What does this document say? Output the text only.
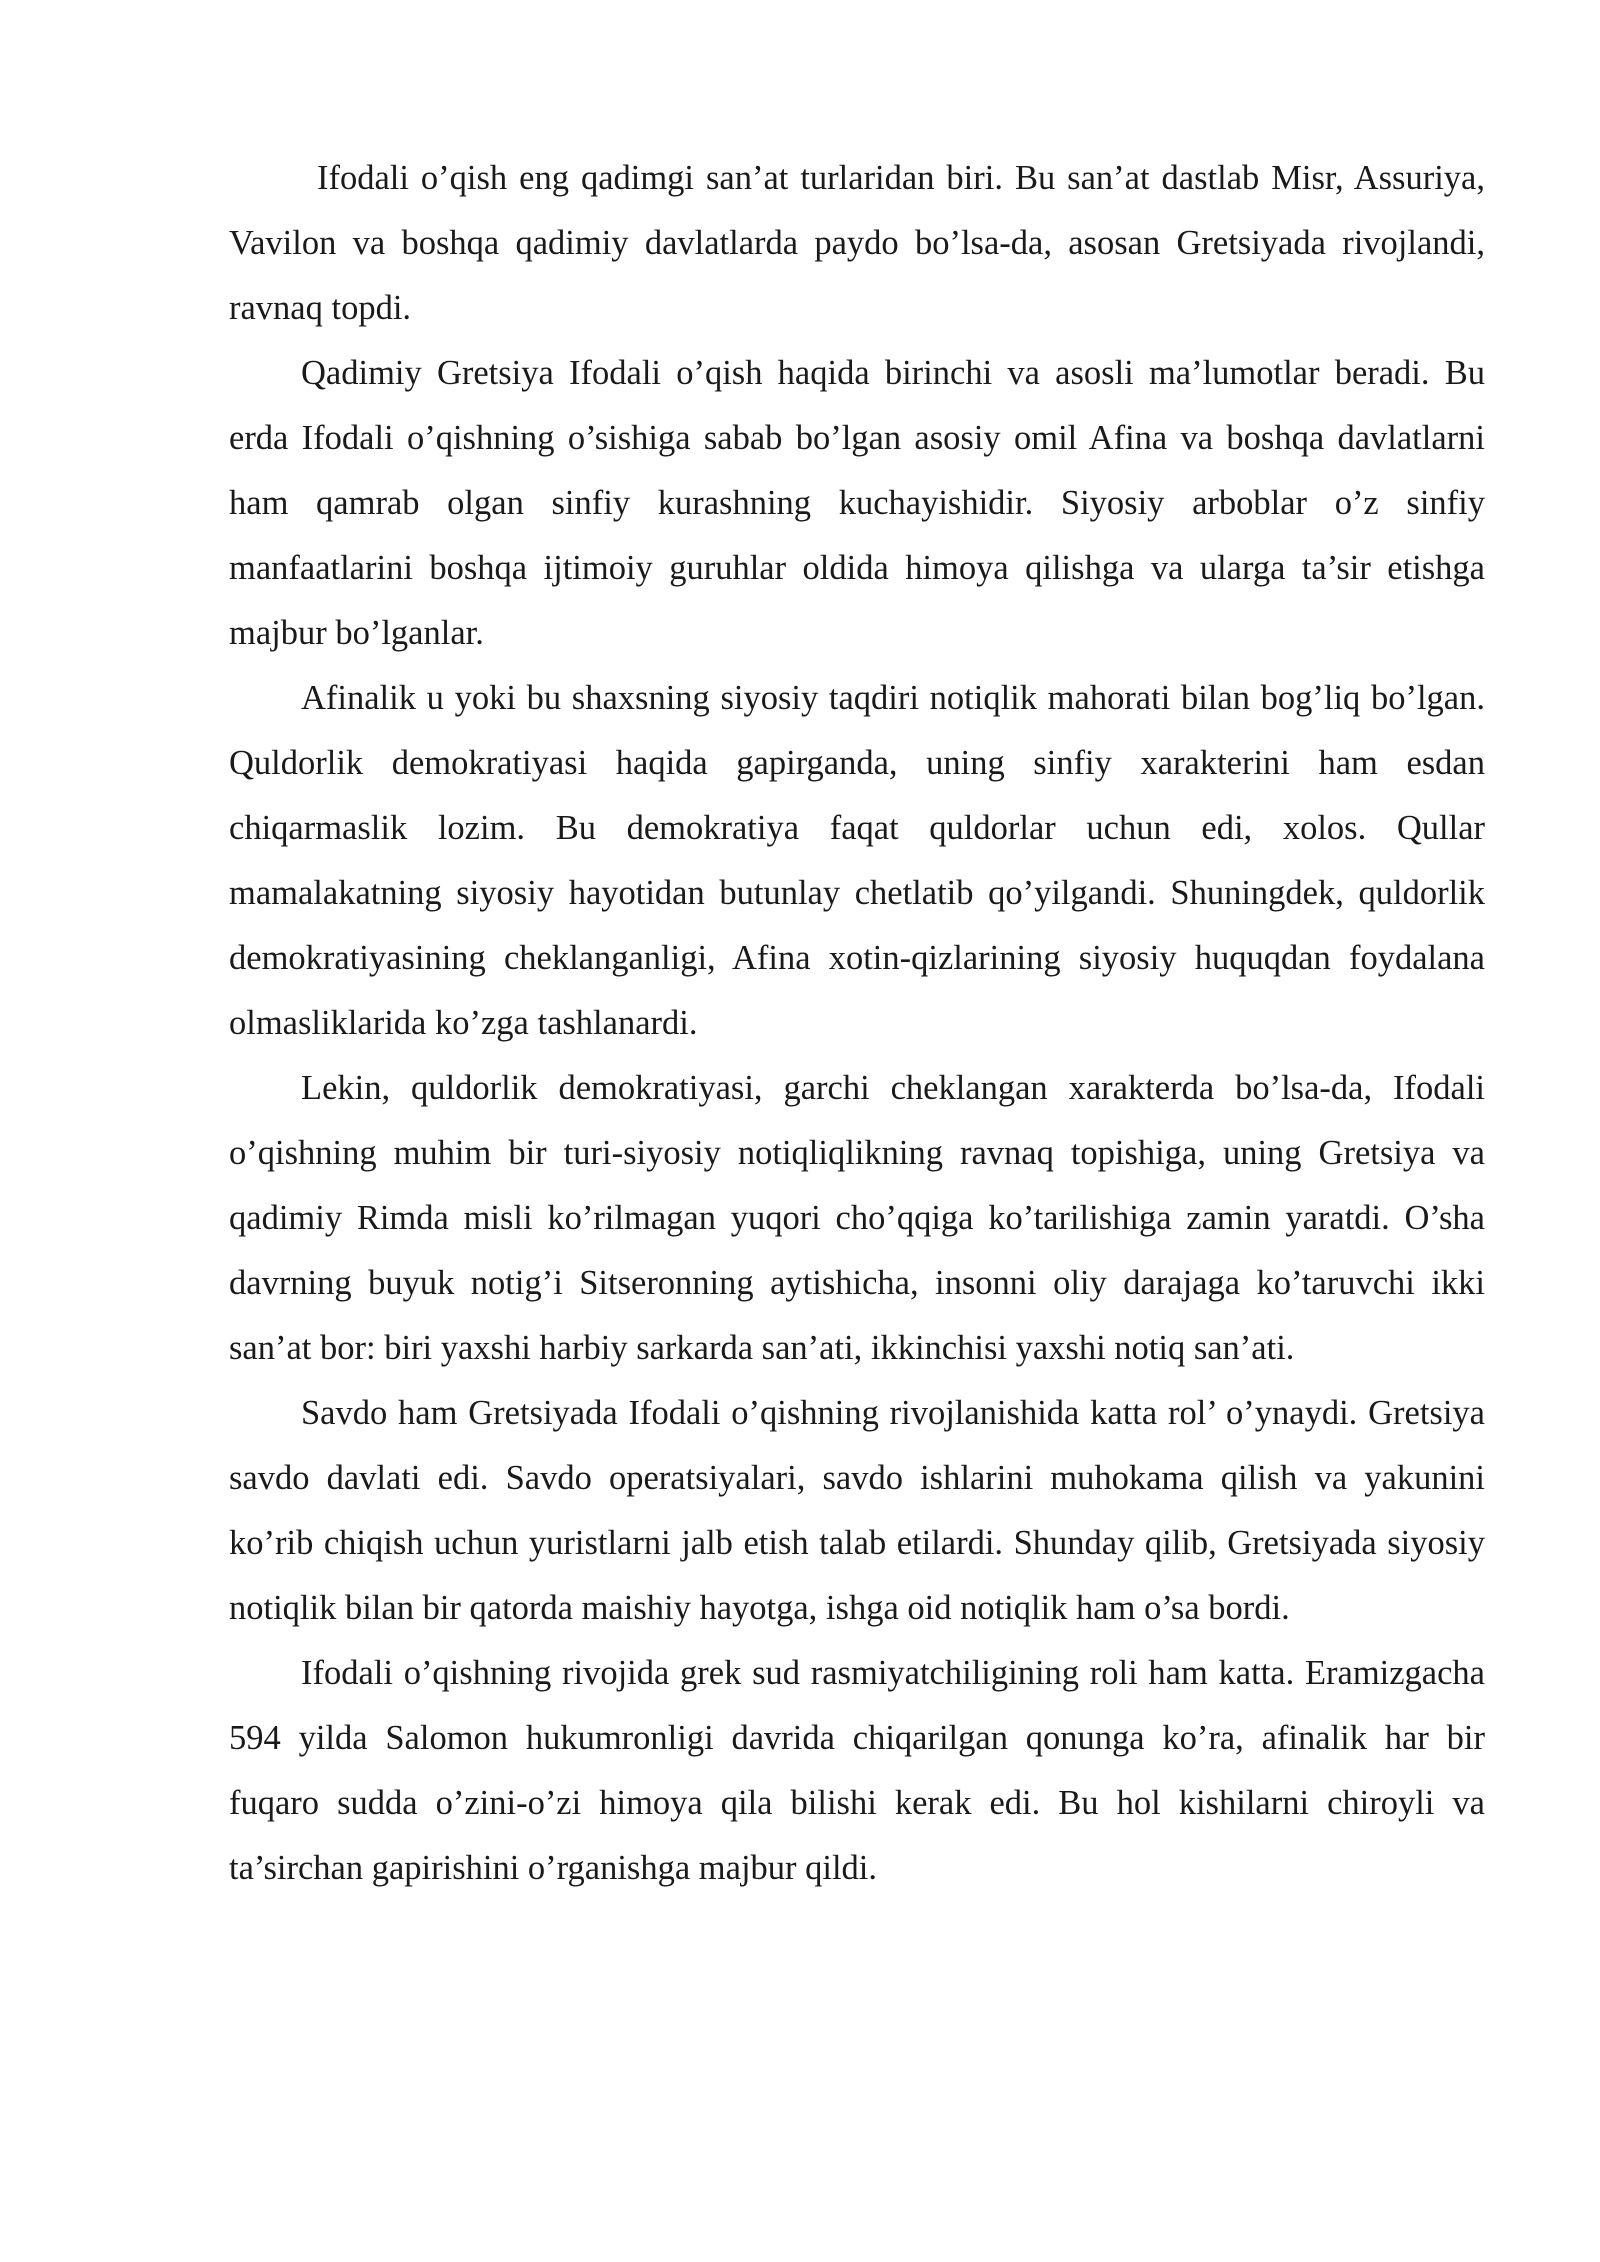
Ifodali o’qish eng qadimgi san’at turlaridan biri. Bu san’at dastlab Misr, Assuriya, Vavilon va boshqa qadimiy davlatlarda paydo bo’lsa-da, asosan Gretsiyada rivojlandi, ravnaq topdi.

Qadimiy Gretsiya Ifodali o’qish haqida birinchi va asosli ma’lumotlar beradi. Bu erda Ifodali o’qishning o’sishiga sabab bo’lgan asosiy omil Afina va boshqa davlatlarni ham qamrab olgan sinfiy kurashning kuchayishidir. Siyosiy arboblar o’z sinfiy manfaatlarini boshqa ijtimoiy guruhlar oldida himoya qilishga va ularga ta’sir etishga majbur bo’lganlar.

Afinalik u yoki bu shaxsning siyosiy taqdiri notiqlik mahorati bilan bog’liq bo’lgan. Quldorlik demokratiyasi haqida gapirganda, uning sinfiy xarakterini ham esdan chiqarmaslik lozim. Bu demokratiya faqat quldorlar uchun edi, xolos. Qullar mamalakatning siyosiy hayotidan butunlay chetlatib qo’yilgandi. Shuningdek, quldorlik demokratiyasining cheklanganligi, Afina xotin-qizlarining siyosiy huquqdan foydalana olmasliklarida ko’zga tashlanardi.

Lekin, quldorlik demokratiyasi, garchi cheklangan xarakterda bo’lsa-da, Ifodali o’qishning muhim bir turi-siyosiy notiqliqlikning ravnaq topishiga, uning Gretsiya va qadimiy Rimda misli ko’rilmagan yuqori cho’qqiga ko’tarilishiga zamin yaratdi. O’sha davrning buyuk notig’i Sitseronning aytishicha, insonni oliy darajaga ko’taruvchi ikki san’at bor: biri yaxshi harbiy sarkarda san’ati, ikkinchisi yaxshi notiq san’ati.

Savdo ham Gretsiyada Ifodali o’qishning rivojlanishida katta rol’ o’ynaydi. Gretsiya savdo davlati edi. Savdo operatsiyalari, savdo ishlarini muhokama qilish va yakunini ko’rib chiqish uchun yuristlarni jalb etish talab etilardi. Shunday qilib, Gretsiyada siyosiy notiqlik bilan bir qatorda maishiy hayotga, ishga oid notiqlik ham o’sa bordi.

Ifodali o’qishning rivojida grek sud rasmiyatchiligining roli ham katta. Eramizgacha 594 yilda Salomon hukumronligi davrida chiqarilgan qonunga ko’ra, afinalik har bir fuqaro sudda o’zini-o’zi himoya qila bilishi kerak edi. Bu hol kishilarni chiroyli va ta’sirchan gapirishini o’rganishga majbur qildi.
